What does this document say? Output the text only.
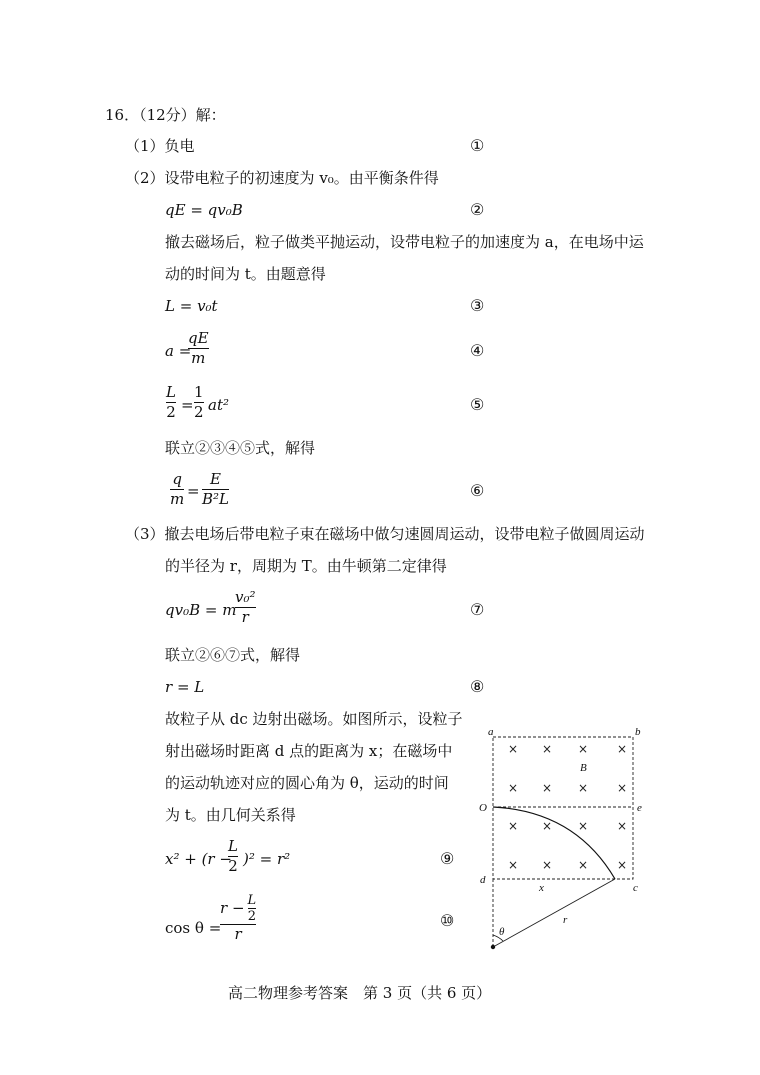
16．（12分）解：
（1）负电	①
（2）设带电粒子的初速度为 v₀。由平衡条件得
qE = qv₀B	②
撤去磁场后，粒子做类平抛运动，设带电粒子的加速度为 a，在电场中运
动的时间为 t。由题意得
L = v₀t	③
a =
qE
m	④
L
2 =
1
2 at²	⑤
联立②③④⑤式，解得
q
m =
E
B²L	⑥
（3）撤去电场后带电粒子束在磁场中做匀速圆周运动，设带电粒子做圆周运动
的半径为 r，周期为 T。由牛顿第二定律得
qv₀B = m
v₀²
r	⑦
联立②⑥⑦式，解得
r = L	⑧
故粒子从 dc 边射出磁场。如图所示，设粒子
射出磁场时距离 d 点的距离为 x；在磁场中
的运动轨迹对应的圆心角为 θ，运动的时间
为 t。由几何关系得
x² + (r −
L
2 )² = r²	⑨
cos θ =
$r - \frac{L}{2}$
r
⑩
× × × ×
× × × ×
× × × ×
× × × ×
a	b
O	e
d
c
B
x
r
θ
高二物理参考答案　第 3 页（共 6 页）
